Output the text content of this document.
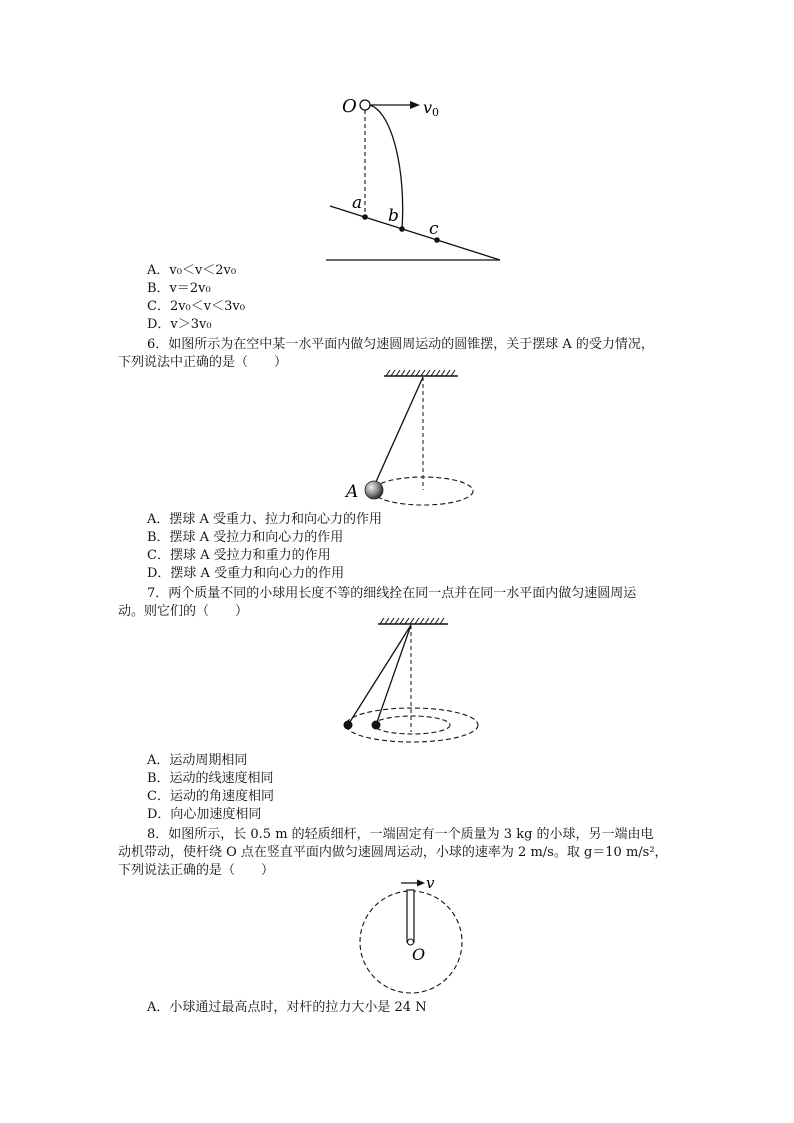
O	v0
a
b
c
A．v₀＜v＜2v₀
B．v＝2v₀
C．2v₀＜v＜3v₀
D．v＞3v₀
6．如图所示为在空中某一水平面内做匀速圆周运动的圆锥摆，关于摆球 A 的受力情况，
下列说法中正确的是（　　）
A
A．摆球 A 受重力、拉力和向心力的作用
B．摆球 A 受拉力和向心力的作用
C．摆球 A 受拉力和重力的作用
D．摆球 A 受重力和向心力的作用
7．两个质量不同的小球用长度不等的细线拴在同一点并在同一水平面内做匀速圆周运
动。则它们的（　　）
A．运动周期相同
B．运动的线速度相同
C．运动的角速度相同
D．向心加速度相同
8．如图所示，长 0.5 m 的轻质细杆，一端固定有一个质量为 3 kg 的小球，另一端由电
动机带动，使杆绕 O 点在竖直平面内做匀速圆周运动，小球的速率为 2 m/s。取 g＝10 m/s²，
下列说法正确的是（　　）
v
O
A．小球通过最高点时，对杆的拉力大小是 24 N
